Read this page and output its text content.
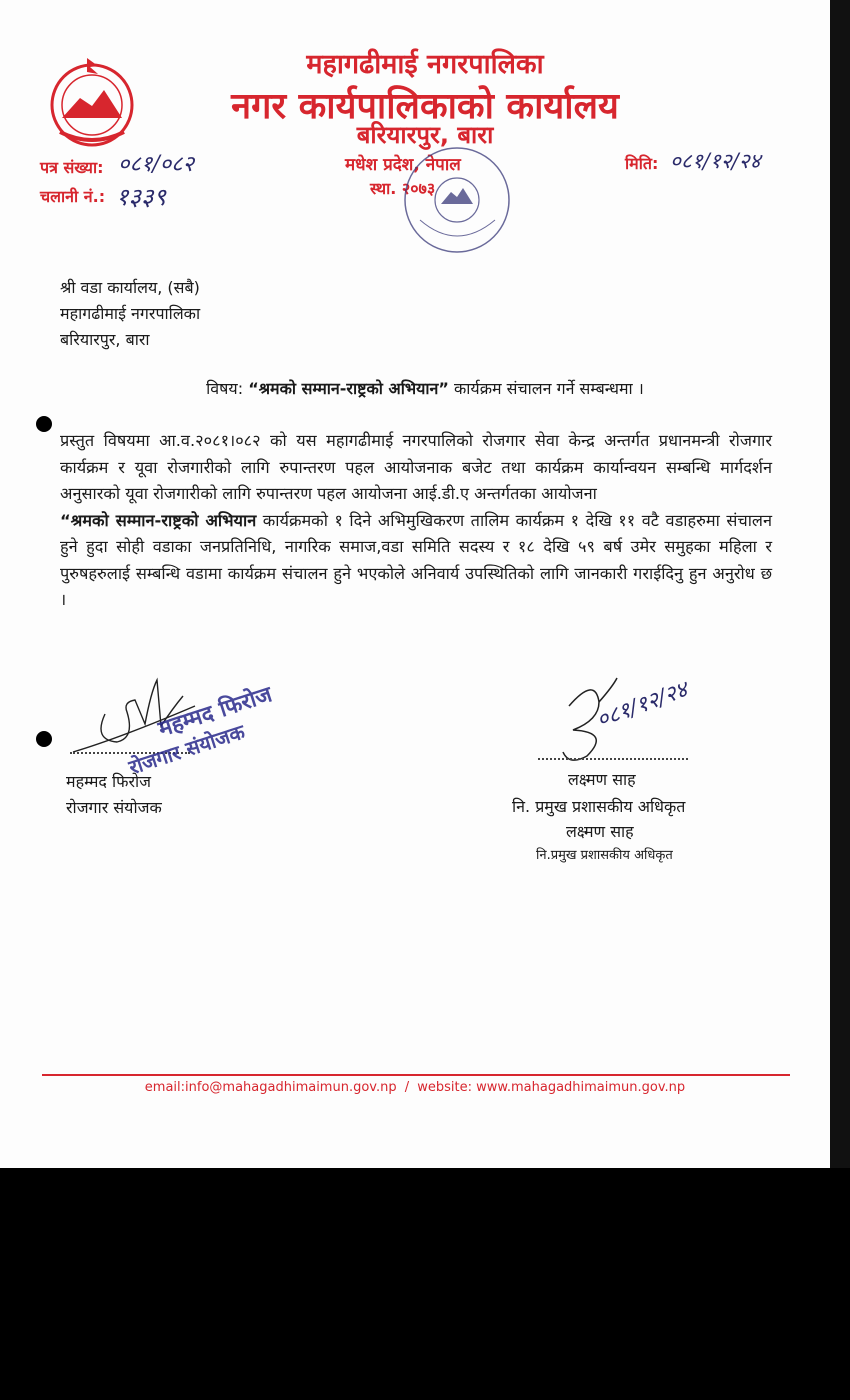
महागढीमाई नगरपालिका
नगर कार्यपालिकाको कार्यालय
बरियारपुर, बारा
मधेश प्रदेश, नेपाल
स्था. २०७३
पत्र संख्या: ०८१/०८२
चलानी नं.: १३३९
मिति: ०८१/१२/२४
श्री वडा कार्यालय, (सबै)
महागढीमाई नगरपालिका
बरियारपुर, बारा
विषय: “श्रमको सम्मान-राष्ट्रको अभियान” कार्यक्रम संचालन गर्ने सम्बन्धमा ।
प्रस्तुत विषयमा आ.व.२०८१।०८२ को यस महागढीमाई नगरपालिको रोजगार सेवा केन्द्र अन्तर्गत प्रधानमन्त्री रोजगार कार्यक्रम र यूवा रोजगारीको लागि रुपान्तरण पहल आयोजनाक बजेट तथा कार्यक्रम कार्यान्वयन सम्बन्धि मार्गदर्शन अनुसारको यूवा रोजगारीको लागि रुपान्तरण पहल आयोजना आई.डी.ए अन्तर्गतका आयोजना
“श्रमको सम्मान-राष्ट्रको अभियान कार्यक्रमको १ दिने अभिमुखिकरण तालिम कार्यक्रम १ देखि ११ वटै वडाहरुमा संचालन हुने हुदा सोही वडाका जनप्रतिनिधि, नागरिक समाज,वडा समिति सदस्य र १८ देखि ५९ बर्ष उमेर समुहका महिला र पुरुषहरुलाई सम्बन्धि वडामा कार्यक्रम संचालन हुने भएकोले अनिवार्य उपस्थितिको लागि जानकारी गराईदिनु हुन अनुरोध छ ।
महम्मद फिरोज
रोजगार संयोजक
महम्मद फिरोज
रोजगार संयोजक
०८१/१२/२४
लक्ष्मण साह
नि. प्रमुख प्रशासकीय अधिकृत
लक्ष्मण साह
नि.प्रमुख प्रशासकीय अधिकृत
email:info@mahagadhimaimun.gov.np / website: www.mahagadhimaimun.gov.np
